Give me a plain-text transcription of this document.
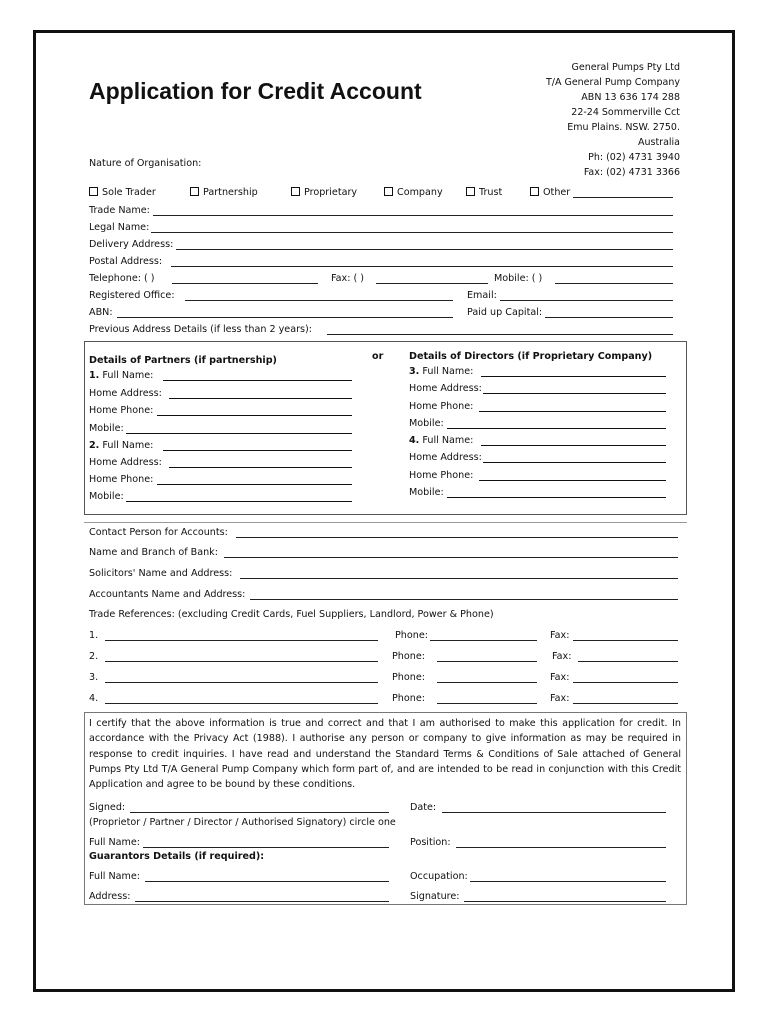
Application for Credit Account
General Pumps Pty Ltd
T/A General Pump Company
ABN 13 636 174 288
22-24 Sommerville Cct
Emu Plains. NSW. 2750.
Australia
Ph: (02) 4731 3940
Fax: (02) 4731 3366
Nature of Organisation:
Sole Trader	Partnership	Proprietary	Company	Trust	Other
Trade Name:
Legal Name:
Delivery Address:
Postal Address:
Telephone: ( )	Fax: ( )	Mobile: ( )
Registered Office:	Email:
ABN:	Paid up Capital:
Previous Address Details (if less than 2 years):
Details of Partners (if partnership)	or	Details of Directors (if Proprietary Company)
1. Full Name:
Home Address:
Home Phone:
Mobile:
2. Full Name:
Home Address:
Home Phone:
Mobile:
3. Full Name:
Home Address:
Home Phone:
Mobile:
4. Full Name:
Home Address:
Home Phone:
Mobile:
Contact Person for Accounts:
Name and Branch of Bank:
Solicitors' Name and Address:
Accountants Name and Address:
Trade References: (excluding Credit Cards, Fuel Suppliers, Landlord, Power & Phone)
1.	Phone:	Fax:
2.	Phone:	Fax:
3.	Phone:	Fax:
4.	Phone:	Fax:
I certify that the above information is true and correct and that I am authorised to make this application for credit. In accordance with the Privacy Act (1988). I authorise any person or company to give information as may be required in response to credit inquiries. I have read and understand the Standard Terms & Conditions of Sale attached of General Pumps Pty Ltd T/A General Pump Company which form part of, and are intended to be read in conjunction with this Credit Application and agree to be bound by these conditions.
Signed:	Date:
(Proprietor / Partner / Director / Authorised Signatory) circle one
Full Name:	Position:
Guarantors Details (if required):
Full Name:	Occupation:
Address:	Signature:
